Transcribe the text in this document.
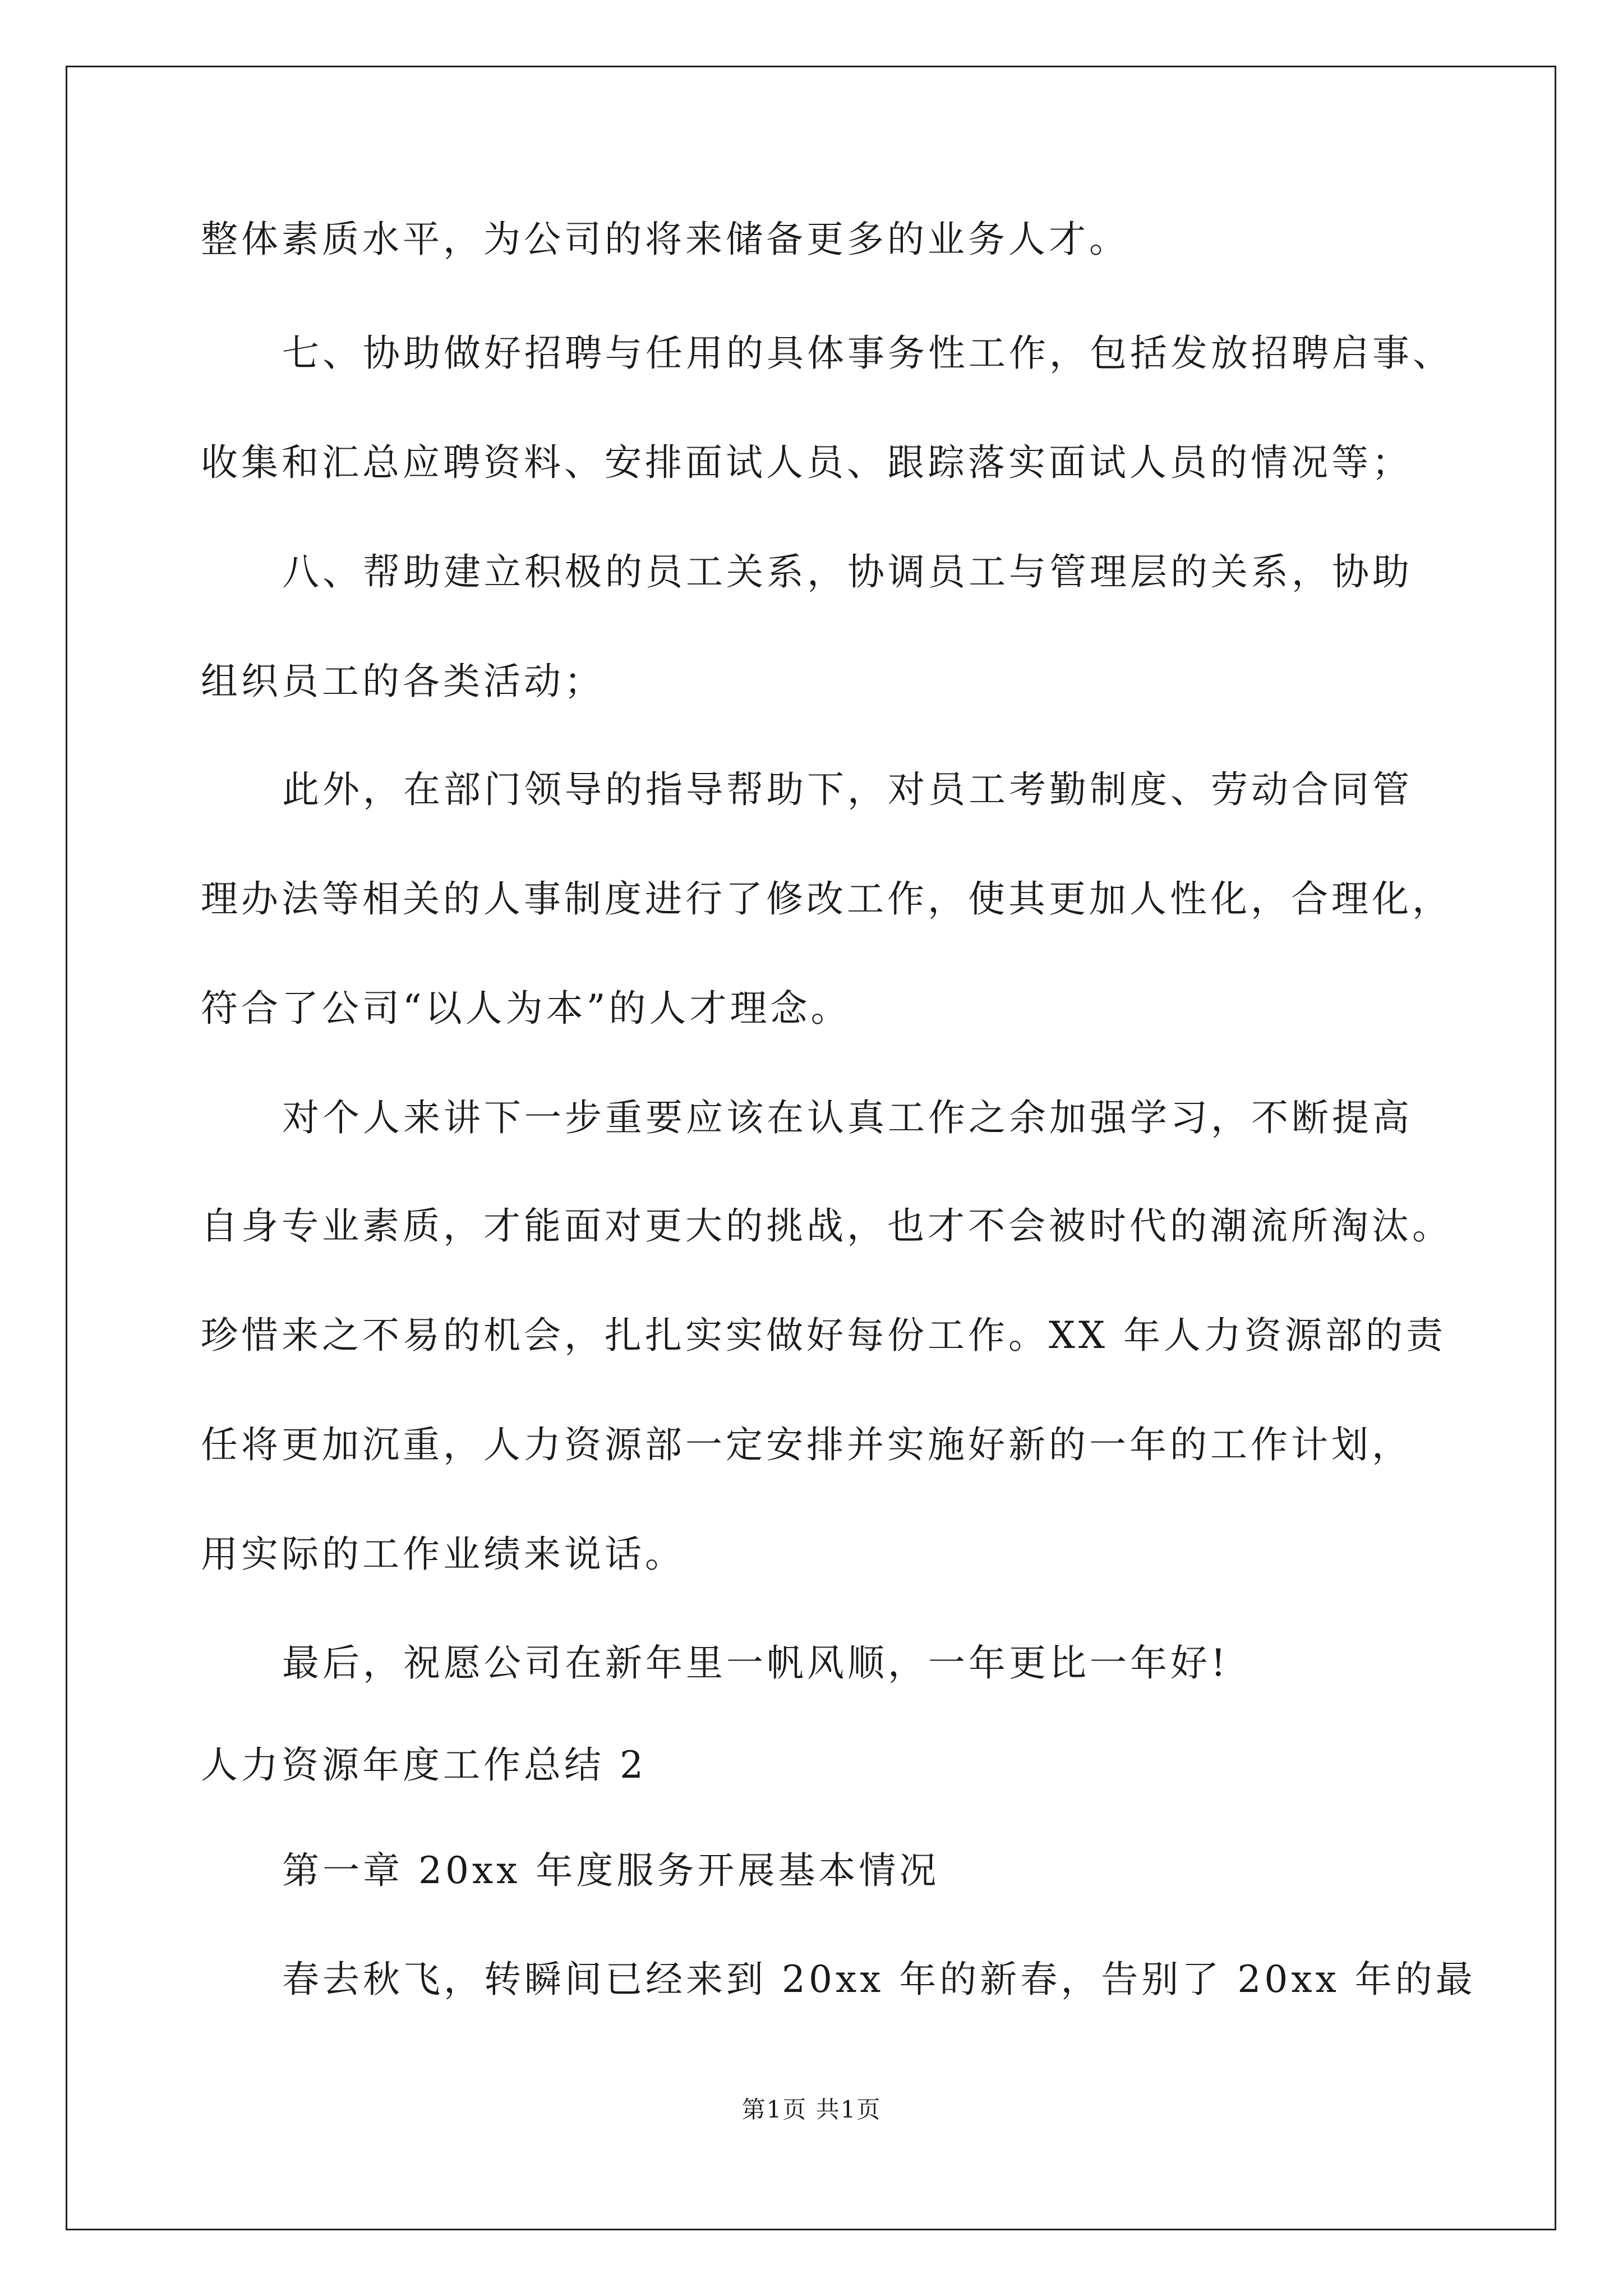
整体素质水平，为公司的将来储备更多的业务人才。
七、协助做好招聘与任用的具体事务性工作，包括发放招聘启事、
收集和汇总应聘资料、安排面试人员、跟踪落实面试人员的情况等；
八、帮助建立积极的员工关系，协调员工与管理层的关系，协助
组织员工的各类活动；
此外，在部门领导的指导帮助下，对员工考勤制度、劳动合同管
理办法等相关的人事制度进行了修改工作，使其更加人性化，合理化，
符合了公司“以人为本”的人才理念。
对个人来讲下一步重要应该在认真工作之余加强学习，不断提高
自身专业素质，才能面对更大的挑战，也才不会被时代的潮流所淘汰。
珍惜来之不易的机会，扎扎实实做好每份工作。XX 年人力资源部的责
任将更加沉重，人力资源部一定安排并实施好新的一年的工作计划，
用实际的工作业绩来说话。
最后，祝愿公司在新年里一帆风顺，一年更比一年好!
人力资源年度工作总结 2
第一章 20xx 年度服务开展基本情况
春去秋飞，转瞬间已经来到 20xx 年的新春，告别了 20xx 年的最
第1页 共1页
